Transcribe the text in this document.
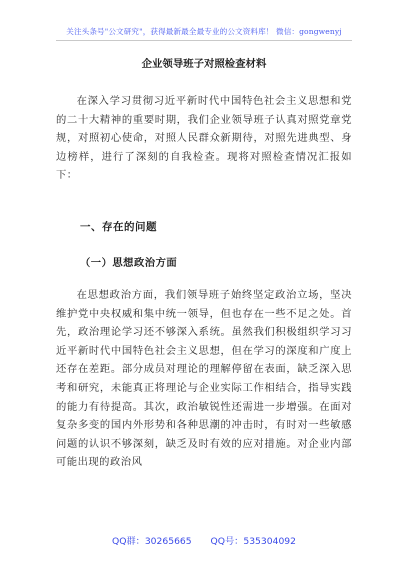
关注头条号"公文研究"，获得最新最全最专业的公文资料库！ 微信：gongwenyj
企业领导班子对照检查材料
在深入学习贯彻习近平新时代中国特色社会主义思想和党的二十大精神的重要时期，我们企业领导班子认真对照党章党规，对照初心使命，对照人民群众新期待，对照先进典型、身边榜样，进行了深刻的自我检查。现将对照检查情况汇报如下：
一、存在的问题
（一）思想政治方面
在思想政治方面，我们领导班子始终坚定政治立场，坚决维护党中央权威和集中统一领导，但也存在一些不足之处。首先，政治理论学习还不够深入系统。虽然我们积极组织学习习近平新时代中国特色社会主义思想，但在学习的深度和广度上还存在差距。部分成员对理论的理解停留在表面，缺乏深入思考和研究，未能真正将理论与企业实际工作相结合，指导实践的能力有待提高。其次，政治敏锐性还需进一步增强。在面对复杂多变的国内外形势和各种思潮的冲击时，有时对一些敏感问题的认识不够深刻，缺乏及时有效的应对措施。对企业内部可能出现的政治风
QQ群：30265665 QQ号：535304092
